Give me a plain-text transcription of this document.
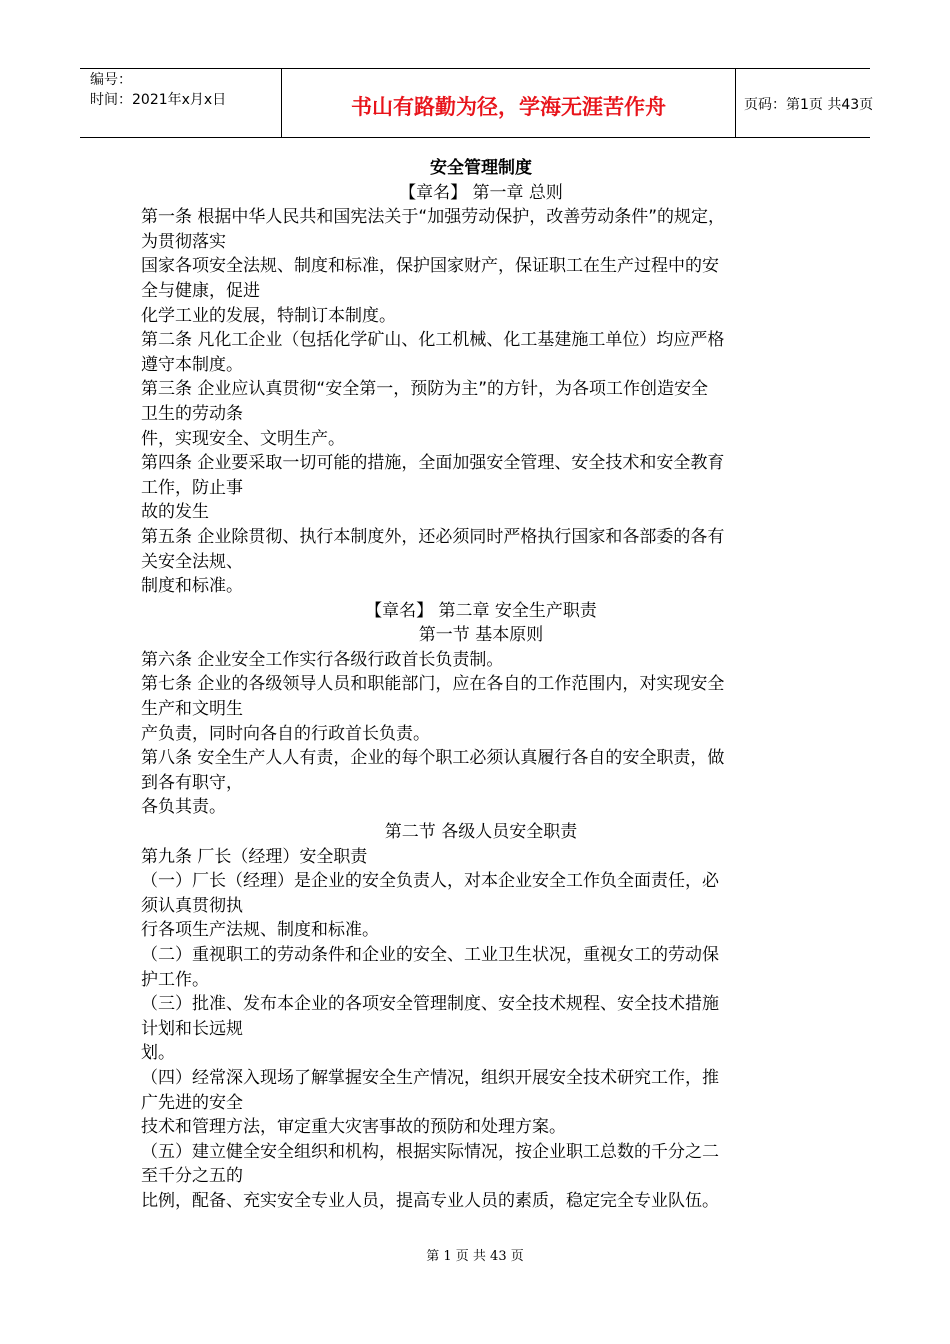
编号：
时间：2021年x月x日	书山有路勤为径，学海无涯苦作舟	页码：第1页 共43页
安全管理制度
【章名】 第一章 总则
第一条 根据中华人民共和国宪法关于“加强劳动保护，改善劳动条件”的规定，
为贯彻落实
国家各项安全法规、制度和标准，保护国家财产，保证职工在生产过程中的安
全与健康，促进
化学工业的发展，特制订本制度。
第二条 凡化工企业（包括化学矿山、化工机械、化工基建施工单位）均应严格
遵守本制度。
第三条 企业应认真贯彻“安全第一，预防为主”的方针，为各项工作创造安全
卫生的劳动条
件，实现安全、文明生产。
第四条 企业要采取一切可能的措施，全面加强安全管理、安全技术和安全教育
工作，防止事
故的发生
第五条 企业除贯彻、执行本制度外，还必须同时严格执行国家和各部委的各有
关安全法规、
制度和标准。
【章名】 第二章 安全生产职责
第一节 基本原则
第六条 企业安全工作实行各级行政首长负责制。
第七条 企业的各级领导人员和职能部门，应在各自的工作范围内，对实现安全
生产和文明生
产负责，同时向各自的行政首长负责。
第八条 安全生产人人有责，企业的每个职工必须认真履行各自的安全职责，做
到各有职守，
各负其责。
第二节 各级人员安全职责
第九条 厂长（经理）安全职责
（一）厂长（经理）是企业的安全负责人，对本企业安全工作负全面责任，必
须认真贯彻执
行各项生产法规、制度和标准。
（二）重视职工的劳动条件和企业的安全、工业卫生状况，重视女工的劳动保
护工作。
（三）批准、发布本企业的各项安全管理制度、安全技术规程、安全技术措施
计划和长远规
划。
（四）经常深入现场了解掌握安全生产情况，组织开展安全技术研究工作，推
广先进的安全
技术和管理方法，审定重大灾害事故的预防和处理方案。
（五）建立健全安全组织和机构，根据实际情况，按企业职工总数的千分之二
至千分之五的
比例，配备、充实安全专业人员，提高专业人员的素质，稳定完全专业队伍。
第 1 页 共 43 页
